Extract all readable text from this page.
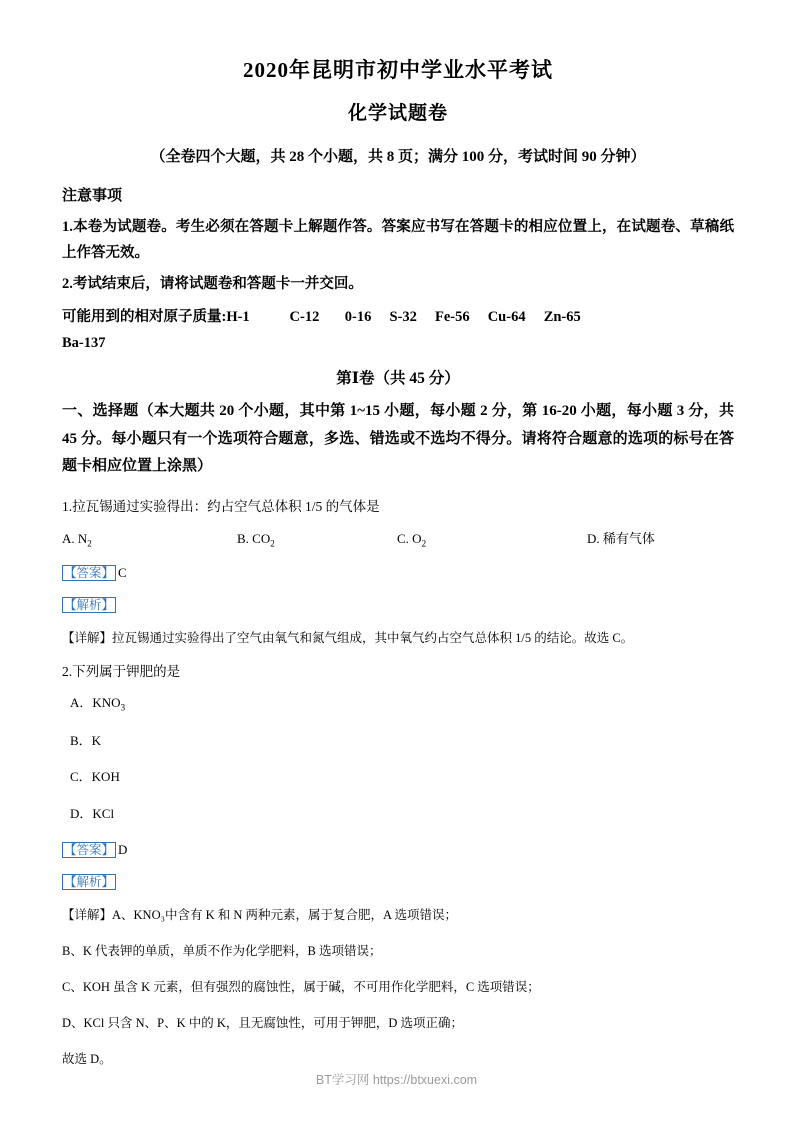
2020年昆明市初中学业水平考试
化学试题卷
（全卷四个大题，共 28 个小题，共 8 页；满分 100 分，考试时间 90 分钟）
注意事项
1.本卷为试题卷。考生必须在答题卡上解题作答。答案应书写在答题卡的相应位置上，在试题卷、草稿纸上作答无效。
2.考试结束后，请将试题卷和答题卡一并交回。
可能用到的相对原子质量:H-1           C-12       0-16     S-32     Fe-56     Cu-64     Zn-65
Ba-137
第Ⅰ卷（共 45 分）
一、选择题（本大题共 20 个小题，其中第 1~15 小题，每小题 2 分，第 16-20 小题，每小题 3 分，共 45 分。每小题只有一个选项符合题意，多选、错选或不选均不得分。请将符合题意的选项的标号在答题卡相应位置上涂黑）
1.拉瓦锡通过实验得出：约占空气总体积 1/5 的气体是
A. $N_2$	B. $CO_2$	C. $O_2$	D. 稀有气体
【答案】 C
【解析】
【详解】拉瓦锡通过实验得出了空气由氧气和氮气组成，其中氧气约占空气总体积 1/5 的结论。故选 C。
2.下列属于钾肥的是
A．$KNO_3$
B．K
C．KOH
D．KCl
【答案】 D
【解析】
【详解】A、KNO₃中含有 K 和 N 两种元素，属于复合肥，A 选项错误；
B、K 代表钾的单质，单质不作为化学肥料，B 选项错误；
C、KOH 虽含 K 元素，但有强烈的腐蚀性，属于碱，不可用作化学肥料，C 选项错误；
D、KCl 只含 N、P、K 中的 K，且无腐蚀性，可用于钾肥，D 选项正确；
故选 D。
BT学习网 https://btxuexi.com
